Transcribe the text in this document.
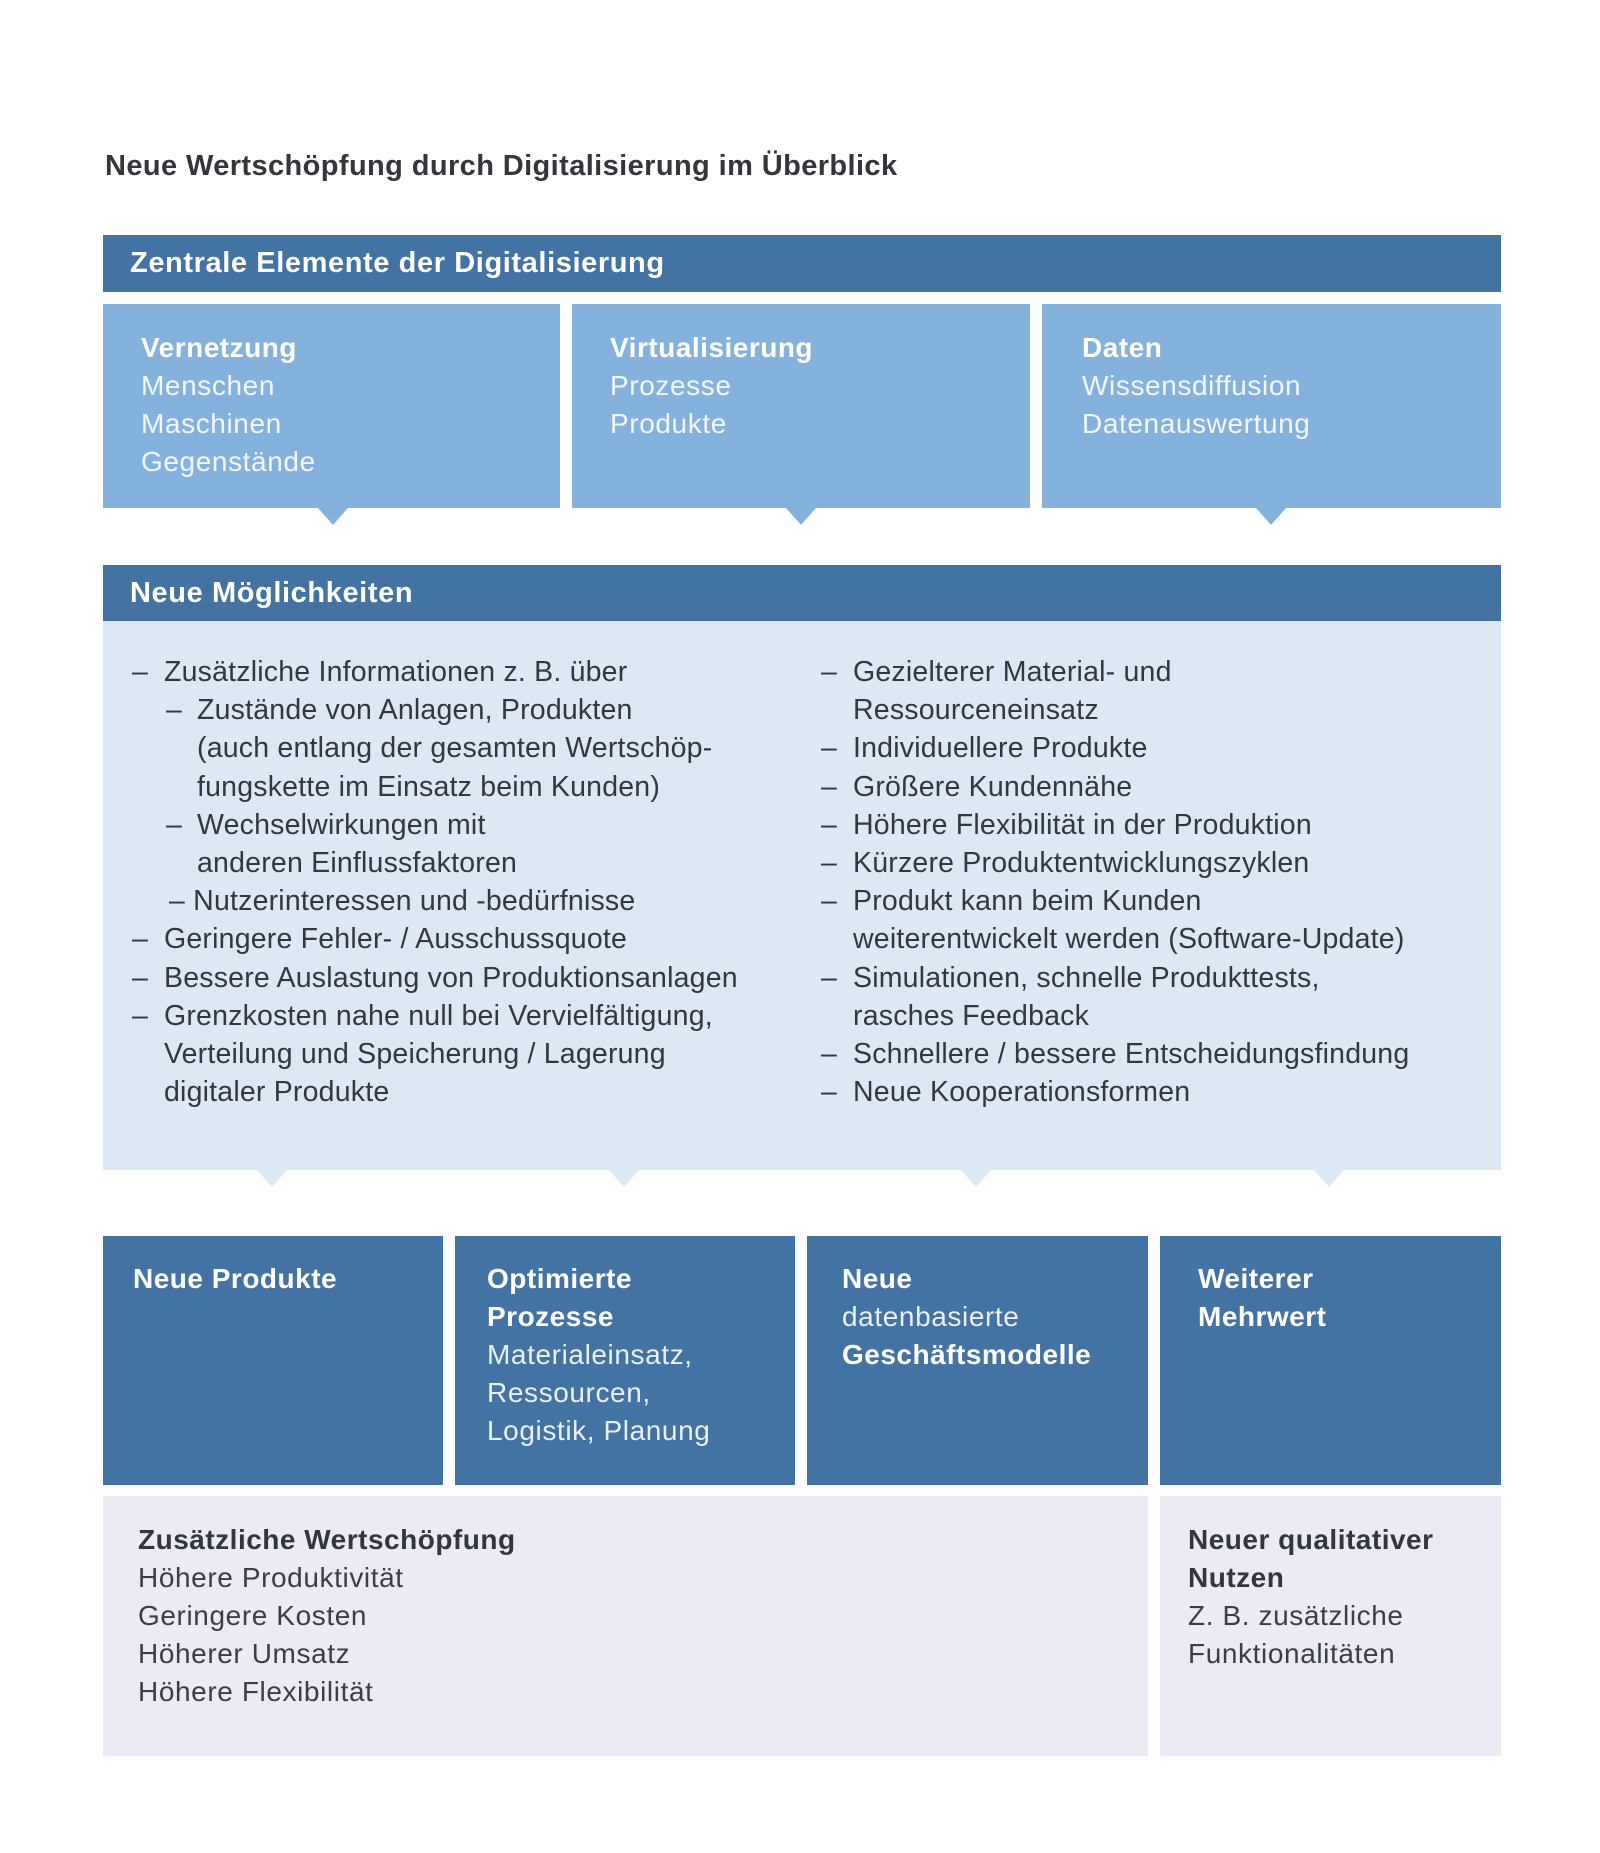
Neue Wertschöpfung durch Digitalisierung im Überblick
Zentrale Elemente der Digitalisierung
Vernetzung
Menschen
Maschinen
Gegenstände
Virtualisierung
Prozesse
Produkte
Daten
Wissensdiffusion
Datenauswertung
Neue Möglichkeiten
– Zusätzliche Informationen z. B. über
– Zustände von Anlagen, Produkten
(auch entlang der gesamten Wertschöp-
fungskette im Einsatz beim Kunden)
– Wechselwirkungen mit
anderen Einflussfaktoren
– Nutzerinteressen und -bedürfnisse
– Geringere Fehler- / Ausschussquote
– Bessere Auslastung von Produktionsanlagen
– Grenzkosten nahe null bei Vervielfältigung,
Verteilung und Speicherung / Lagerung
digitaler Produkte
– Gezielterer Material- und
Ressourceneinsatz
– Individuellere Produkte
– Größere Kundennähe
– Höhere Flexibilität in der Produktion
– Kürzere Produktentwicklungszyklen
– Produkt kann beim Kunden
weiterentwickelt werden (Software-Update)
– Simulationen, schnelle Produkttests,
rasches Feedback
– Schnellere / bessere Entscheidungsfindung
– Neue Kooperationsformen
Neue Produkte	Optimierte
Prozesse
Materialeinsatz,
Ressourcen,
Logistik, Planung
Neue
datenbasierte
Geschäftsmodelle
Weiterer
Mehrwert
Zusätzliche Wertschöpfung
Höhere Produktivität
Geringere Kosten
Höherer Umsatz
Höhere Flexibilität
Neuer qualitativer
Nutzen
Z. B. zusätzliche
Funktionalitäten
